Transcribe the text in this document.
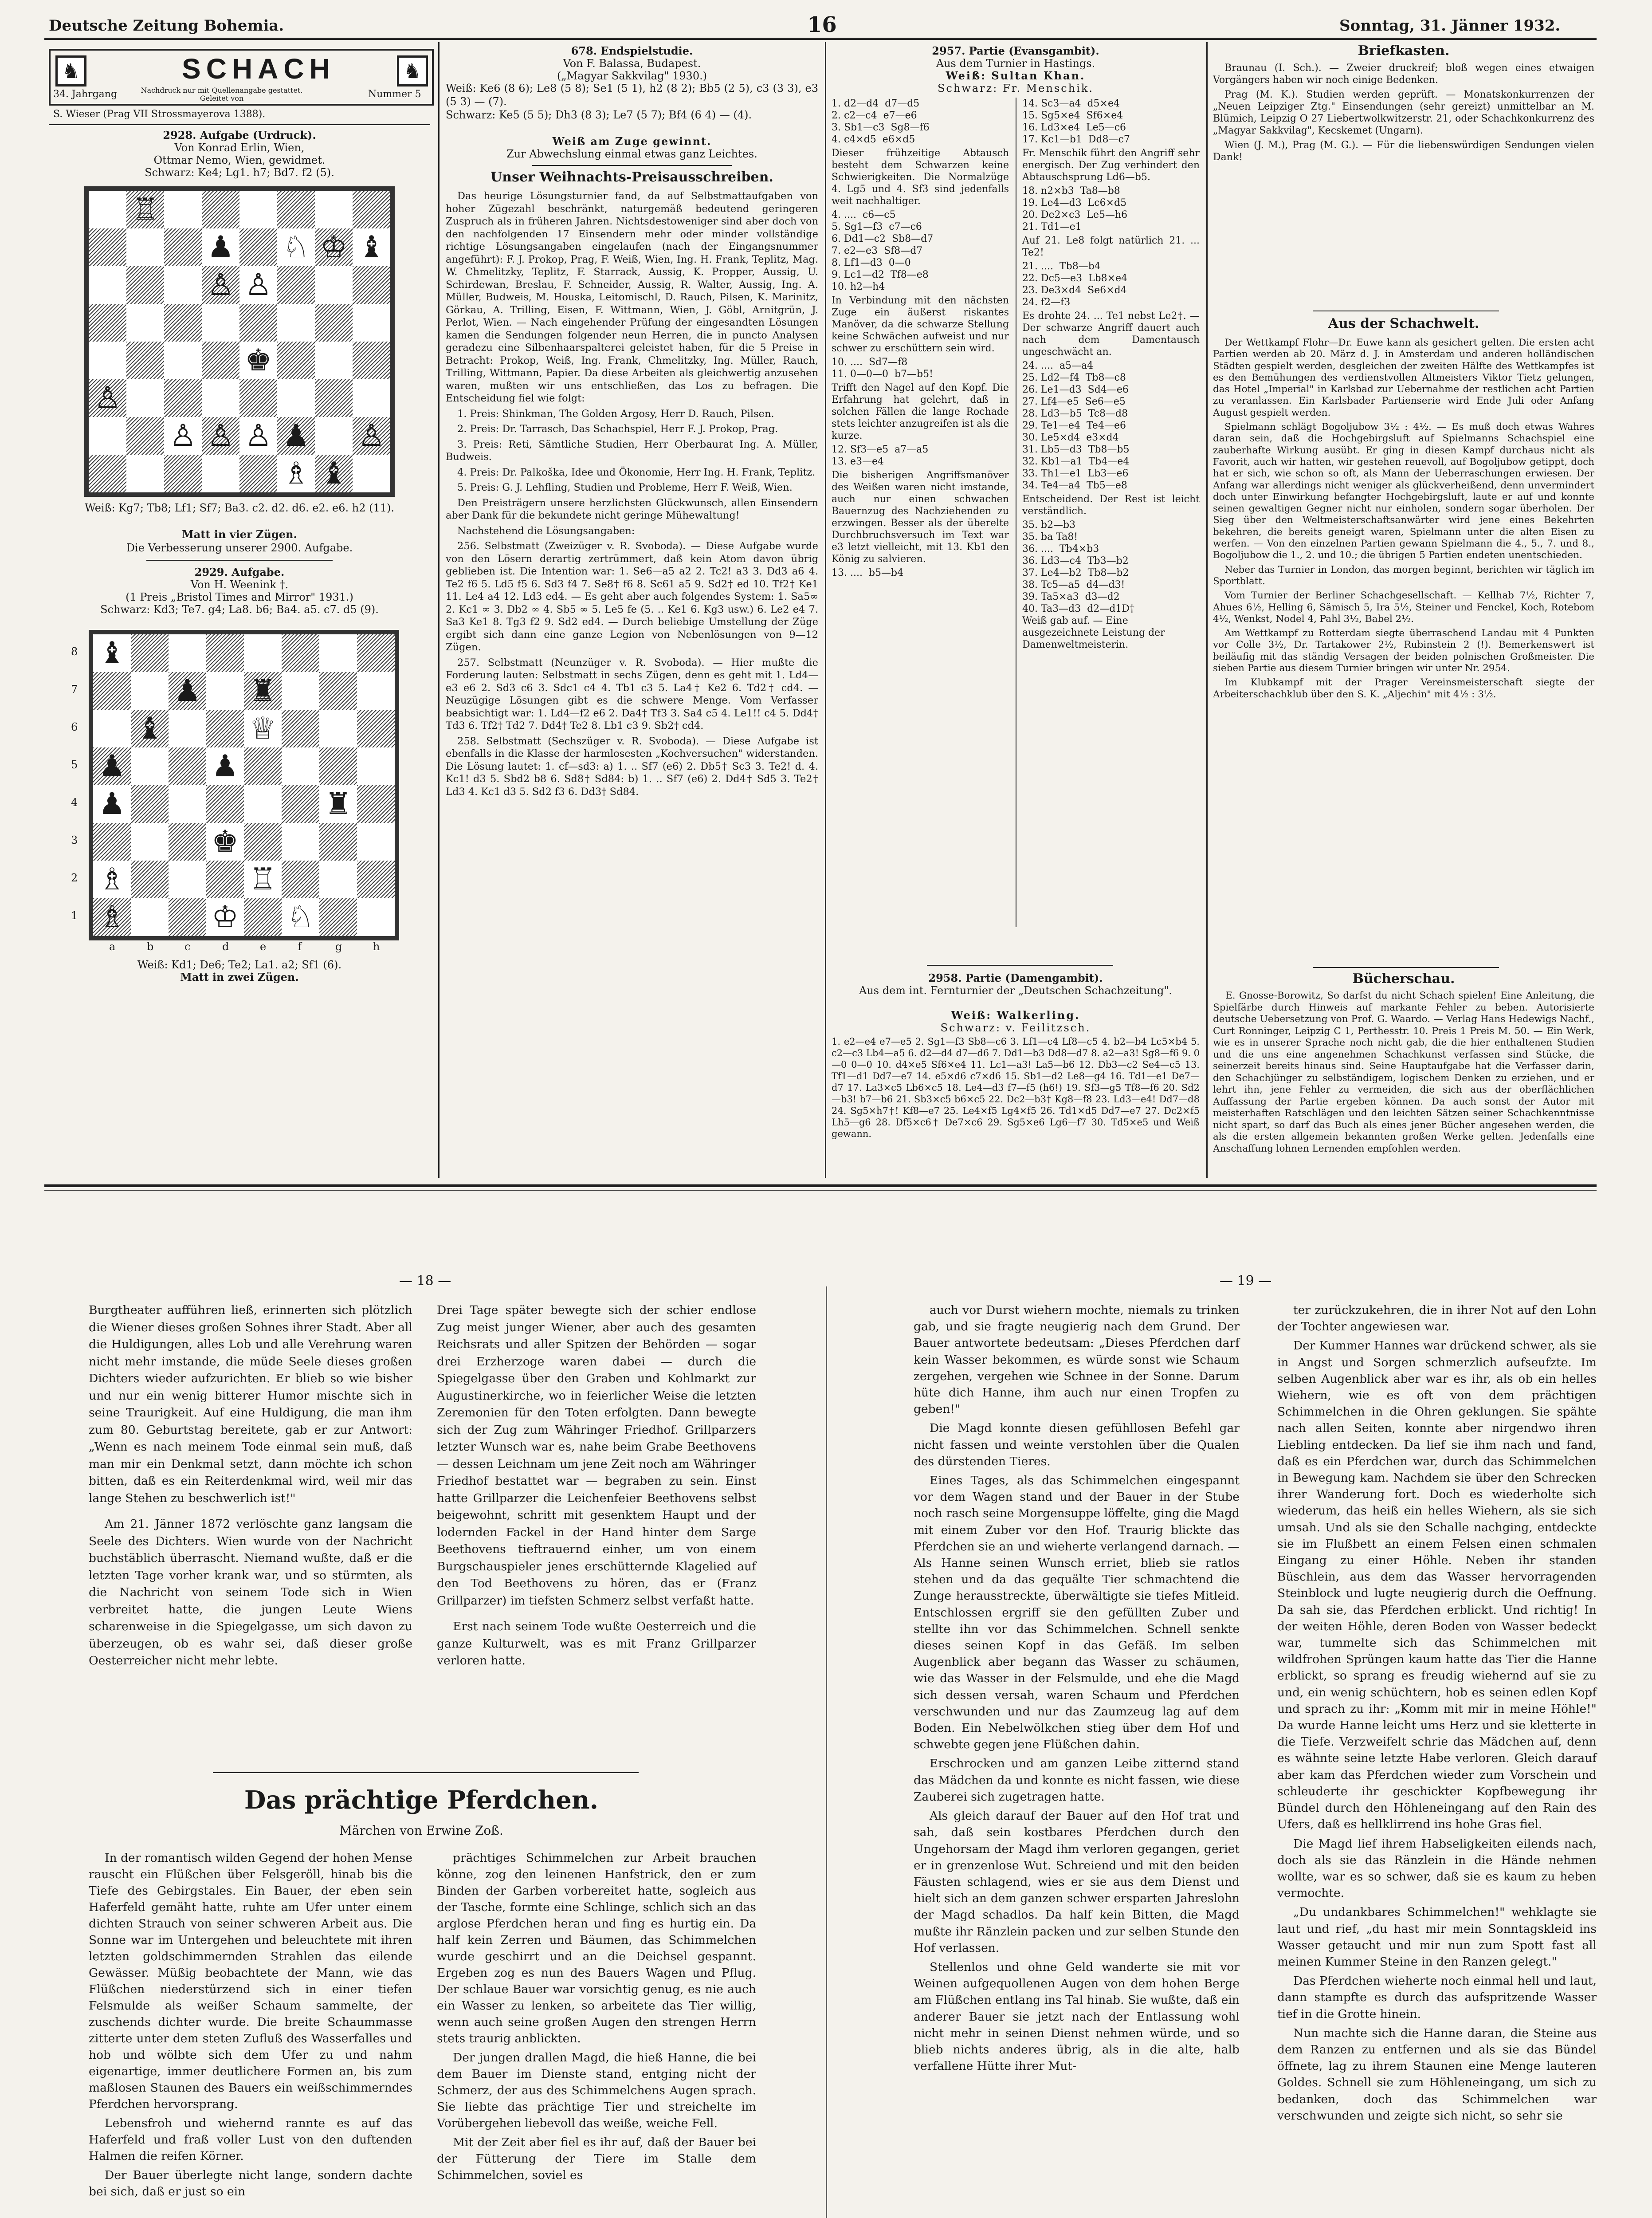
Deutsche Zeitung Bohemia.	16	Sonntag, 31. Jänner 1932.
♞	SCHACH	♞
34. Jahrgang	Nachdruck nur mit Quellenangabe gestattet. Geleitet von	Nummer 5
S. Wieser (Prag VII Strossmayerova 1388).
2928. Aufgabe (Urdruck).
Von Konrad Erlin, Wien,
Ottmar Nemo, Wien, gewidmet.
Schwarz: Ke4; Lg1. h7; Bd7. f2 (5).
♔
♖
♗
♘
♙
♙ ♙
♙
♙
♙
♙
♚
♝
♝
♟
♟
Weiß: Kg7; Tb8; Lf1; Sf7; Ba3. c2. d2. d6. e2. e6. h2 (11).
Matt in vier Zügen.
Die Verbesserung unserer 2900. Aufgabe.
2929. Aufgabe.
Von H. Weenink †.
(1 Preis „Bristol Times and Mirror" 1931.)
Schwarz: Kd3; Te7. g4; La8. b6; Ba4. a5. c7. d5 (9).
♔
♕
♖
♗
♗
♘
♚
♜
♜
♝
♝
♟
♟
♟
♟
8
7
6
5
4
3
2
1
a	b	c	d	e	f	g	h
Weiß: Kd1; De6; Te2; La1. a2; Sf1 (6).
Matt in zwei Zügen.
678. Endspielstudie.
Von F. Balassa, Budapest.
(„Magyar Sakkvilag" 1930.)
Weiß: Ke6 (8 6); Le8 (5 8); Se1 (5 1), h2 (8 2); Bb5 (2 5), c3 (3 3), e3 (5 3) — (7).
Schwarz: Ke5 (5 5); Dh3 (8 3); Le7 (5 7); Bf4 (6 4) — (4).
Weiß am Zuge gewinnt.
Zur Abwechslung einmal etwas ganz Leichtes.
Unser Weihnachts-Preisausschreiben.

Das heurige Lösungsturnier fand, da auf Selbstmattaufgaben von hoher Zügezahl beschränkt, naturgemäß bedeutend geringeren Zuspruch als in früheren Jahren. Nichtsdestoweniger sind aber doch von den nachfolgenden 17 Einsendern mehr oder minder vollständige richtige Lösungsangaben eingelaufen (nach der Eingangsnummer angeführt): F. J. Prokop, Prag, F. Weiß, Wien, Ing. H. Frank, Teplitz, Mag. W. Chmelitzky, Teplitz, F. Starrack, Aussig, K. Propper, Aussig, U. Schirdewan, Breslau, F. Schneider, Aussig, R. Walter, Aussig, Ing. A. Müller, Budweis, M. Houska, Leitomischl, D. Rauch, Pilsen, K. Marinitz, Görkau, A. Trilling, Eisen, F. Wittmann, Wien, J. Göbl, Arnitgrün, J. Perlot, Wien. — Nach eingehender Prüfung der eingesandten Lösungen kamen die Sendungen folgender neun Herren, die in puncto Analysen geradezu eine Silbenhaarspalterei geleistet haben, für die 5 Preise in Betracht: Prokop, Weiß, Ing. Frank, Chmelitzky, Ing. Müller, Rauch, Trilling, Wittmann, Papier. Da diese Arbeiten als gleichwertig anzusehen waren, mußten wir uns entschließen, das Los zu befragen. Die Entscheidung fiel wie folgt:

1. Preis: Shinkman, The Golden Argosy, Herr D. Rauch, Pilsen.

2. Preis: Dr. Tarrasch, Das Schachspiel, Herr F. J. Prokop, Prag.

3. Preis: Reti, Sämtliche Studien, Herr Oberbaurat Ing. A. Müller, Budweis.

4. Preis: Dr. Palkoška, Idee und Ökonomie, Herr Ing. H. Frank, Teplitz.

5. Preis: G. J. Lehfling, Studien und Probleme, Herr F. Weiß, Wien.

Den Preisträgern unsere herzlichsten Glückwunsch, allen Einsendern aber Dank für die bekundete nicht geringe Mühewaltung!

Nachstehend die Lösungsangaben:

256. Selbstmatt (Zweizüger v. R. Svoboda). — Diese Aufgabe wurde von den Lösern derartig zertrümmert, daß kein Atom davon übrig geblieben ist. Die Intention war: 1. Se6—a5 a2 2. Tc2! a3 3. Dd3 a6 4. Te2 f6 5. Ld5 f5 6. Sd3 f4 7. Se8† f6 8. Sc61 a5 9. Sd2† ed 10. Tf2† Ke1 11. Le4 a4 12. Ld3 ed4. — Es geht aber auch folgendes System: 1. Sa5∞ 2. Kc1 ∞ 3. Db2 ∞ 4. Sb5 ∞ 5. Le5 fe (5. .. Ke1 6. Kg3 usw.) 6. Le2 e4 7. Sa3 Ke1 8. Tg3 f2 9. Sd2 ed4. — Durch beliebige Umstellung der Züge ergibt sich dann eine ganze Legion von Nebenlösungen von 9—12 Zügen.

257. Selbstmatt (Neunzüger v. R. Svoboda). — Hier mußte die Forderung lauten: Selbstmatt in sechs Zügen, denn es geht mit 1. Ld4—e3 e6 2. Sd3 c6 3. Sdc1 c4 4. Tb1 c3 5. La4† Ke2 6. Td2† cd4. — Neuzügige Lösungen gibt es die schwere Menge. Vom Verfasser beabsichtigt war: 1. Ld4—f2 e6 2. Da4† Tf3 3. Sa4 c5 4. Le1!! c4 5. Dd4† Td3 6. Tf2† Td2 7. Dd4† Te2 8. Lb1 c3 9. Sb2† cd4.

258. Selbstmatt (Sechszüger v. R. Svoboda). — Diese Aufgabe ist ebenfalls in die Klasse der harmlosesten „Kochversuchen" widerstanden. Die Lösung lautet: 1. cf—sd3: a) 1. .. Sf7 (e6) 2. Db5† Sc3 3. Te2! d. 4. Kc1! d3 5. Sbd2 b8 6. Sd8† Sd84: b) 1. .. Sf7 (e6) 2. Dd4† Sd5 3. Te2† Ld3 4. Kc1 d3 5. Sd2 f3 6. Dd3† Sd84.

2957. Partie (Evansgambit).
Aus dem Turnier in Hastings.
Weiß: Sultan Khan.
Schwarz: Fr. Menschik.
1. d2—d4  d7—d5
2. c2—c4  e7—e6
3. Sb1—c3  Sg8—f6
4. c4×d5  e6×d5
Dieser frühzeitige Abtausch besteht dem Schwarzen keine Schwierigkeiten. Die Normalzüge 4. Lg5 und 4. Sf3 sind jedenfalls weit nachhaltiger.
4. ....  c6—c5
5. Sg1—f3  c7—c6
6. Dd1—c2  Sb8—d7
7. e2—e3  Sf8—d7
8. Lf1—d3  0—0
9. Lc1—d2  Tf8—e8
10. h2—h4
In Verbindung mit den nächsten Zuge ein äußerst riskantes Manöver, da die schwarze Stellung keine Schwächen aufweist und nur schwer zu erschüttern sein wird.
10. ....  Sd7—f8
11. 0—0—0  b7—b5!
Trifft den Nagel auf den Kopf. Die Erfahrung hat gelehrt, daß in solchen Fällen die lange Rochade stets leichter anzugreifen ist als die kurze.
12. Sf3—e5  a7—a5
13. e3—e4
Die bisherigen Angriffsmanöver des Weißen waren nicht imstande, auch nur einen schwachen Bauernzug des Nachziehenden zu erzwingen. Besser als der überelte Durchbruchsversuch im Text war e3 letzt vielleicht, mit 13. Kb1 den König zu salvieren.
13. ....  b5—b4
14. Sc3—a4  d5×e4
15. Sg5×e4  Sf6×e4
16. Ld3×e4  Le5—c6
17. Kc1—b1  Dd8—c7
Fr. Menschik führt den Angriff sehr energisch. Der Zug verhindert den Abtauschsprung Ld6—b5.
18. n2×b3  Ta8—b8
19. Le4—d3  Lc6×d5
20. De2×c3  Le5—h6
21. Td1—e1
Auf 21. Le8 folgt natürlich 21. ... Te2!
21. ....  Tb8—b4
22. Dc5—e3  Lb8×e4
23. De3×d4  Se6×d4
24. f2—f3
Es drohte 24. ... Te1 nebst Le2†. — Der schwarze Angriff dauert auch nach dem Damentausch ungeschwächt an.
24. ....  a5—a4
25. Ld2—f4  Tb8—c8
26. Le1—d3  Sd4—e6
27. Lf4—e5  Se6—e5
28. Ld3—b5  Tc8—d8
29. Te1—e4  Te4—e6
30. Le5×d4  e3×d4
31. Lb5—d3  Tb8—b5
32. Kb1—a1  Tb4—e4
33. Th1—e1  Lb3—e6
34. Te4—a4  Tb5—e8
Entscheidend. Der Rest ist leicht verständlich.
35. b2—b3
35. ba Ta8!
36. ....  Tb4×b3
36. Ld3—c4  Tb3—b2
37. Le4—b2  Tb8—b2
38. Tc5—a5  d4—d3!
39. Ta5×a3  d3—d2
40. Ta3—d3  d2—d1D†
Weiß gab auf. — Eine ausgezeichnete Leistung der Damenweltmeisterin.
2958. Partie (Damengambit).
Aus dem int. Fernturnier der „Deutschen Schachzeitung".
Weiß: Walkerling.
Schwarz: v. Feilitzsch.
1. e2—e4 e7—e5 2. Sg1—f3 Sb8—c6 3. Lf1—c4 Lf8—c5 4. b2—b4 Lc5×b4 5. c2—c3 Lb4—a5 6. d2—d4 d7—d6 7. Dd1—b3 Dd8—d7 8. a2—a3! Sg8—f6 9. 0—0 0—0 10. d4×e5 Sf6×e4 11. Lc1—a3! La5—b6 12. Db3—c2 Se4—c5 13. Tf1—d1 Dd7—e7 14. e5×d6 c7×d6 15. Sb1—d2 Le8—g4 16. Td1—e1 De7—d7 17. La3×c5 Lb6×c5 18. Le4—d3 f7—f5 (h6!) 19. Sf3—g5 Tf8—f6 20. Sd2—b3! b7—b6 21. Sb3×c5 b6×c5 22. Dc2—b3† Kg8—f8 23. Ld3—e4! Dd7—d8 24. Sg5×h7†! Kf8—e7 25. Le4×f5 Lg4×f5 26. Td1×d5 Dd7—e7 27. Dc2×f5 Lh5—g6 28. Df5×c6† De7×c6 29. Sg5×e6 Lg6—f7 30. Td5×e5 und Weiß gewann.
Briefkasten.

Braunau (I. Sch.). — Zweier druckreif; bloß wegen eines etwaigen Vorgängers haben wir noch einige Bedenken.

Prag (M. K.). Studien werden geprüft. — Monatskonkurrenzen der „Neuen Leipziger Ztg." Einsendungen (sehr gereizt) unmittelbar an M. Blümich, Leipzig O 27 Liebertwolkwitzerstr. 21, oder Schachkonkurrenz des „Magyar Sakkvilag", Kecskemet (Ungarn).

Wien (J. M.), Prag (M. G.). — Für die liebenswürdigen Sendungen vielen Dank!

Aus der Schachwelt.

Der Wettkampf Flohr—Dr. Euwe kann als gesichert gelten. Die ersten acht Partien werden ab 20. März d. J. in Amsterdam und anderen holländischen Städten gespielt werden, desgleichen der zweiten Hälfte des Wettkampfes ist es den Bemühungen des verdienstvollen Altmeisters Viktor Tietz gelungen, das Hotel „Imperial" in Karlsbad zur Uebernahme der restlichen acht Partien zu veranlassen. Ein Karlsbader Partienserie wird Ende Juli oder Anfang August gespielt werden.

Spielmann schlägt Bogoljubow 3½ : 4½. — Es muß doch etwas Wahres daran sein, daß die Hochgebirgsluft auf Spielmanns Schachspiel eine zauberhafte Wirkung ausübt. Er ging in diesen Kampf durchaus nicht als Favorit, auch wir hatten, wir gestehen reuevoll, auf Bogoljubow getippt, doch hat er sich, wie schon so oft, als Mann der Ueberraschungen erwiesen. Der Anfang war allerdings nicht weniger als glückverheißend, denn unvermindert doch unter Einwirkung befangter Hochgebirgsluft, laute er auf und konnte seinen gewaltigen Gegner nicht nur einholen, sondern sogar überholen. Der Sieg über den Weltmeisterschaftsanwärter wird jene eines Bekehrten bekehren, die bereits geneigt waren, Spielmann unter die alten Eisen zu werfen. — Von den einzelnen Partien gewann Spielmann die 4., 5., 7. und 8., Bogoljubow die 1., 2. und 10.; die übrigen 5 Partien endeten unentschieden.

Neber das Turnier in London, das morgen beginnt, berichten wir täglich im Sportblatt.

Vom Turnier der Berliner Schachgesellschaft. — Kellhab 7½, Richter 7, Ahues 6½, Helling 6, Sämisch 5, Ira 5½, Steiner und Fenckel, Koch, Rotebom 4½, Wenkst, Nodel 4, Pahl 3½, Babel 2½.

Am Wettkampf zu Rotterdam siegte überraschend Landau mit 4 Punkten vor Colle 3½, Dr. Tartakower 2½, Rubinstein 2 (!). Bemerkenswert ist beiläufig mit das ständig Versagen der beiden polnischen Großmeister. Die sieben Partie aus diesem Turnier bringen wir unter Nr. 2954.

Im Klubkampf mit der Prager Vereinsmeisterschaft siegte der Arbeiterschachklub über den S. K. „Aljechin" mit 4½ : 3½.

Bücherschau.
E. Gnosse-Borowitz, So darfst du nicht Schach spielen! Eine Anleitung, die Spielfärbe durch Hinweis auf markante Fehler zu beben. Autorisierte deutsche Uebersetzung von Prof. G. Waardo. — Verlag Hans Hedewigs Nachf., Curt Ronninger, Leipzig C 1, Perthesstr. 10. Preis 1 Preis M. 50. — Ein Werk, wie es in unserer Sprache noch nicht gab, die die hier enthaltenen Studien und die uns eine angenehmen Schachkunst verfassen sind Stücke, die seinerzeit bereits hinaus sind. Seine Hauptaufgabe hat die Verfasser darin, den Schachjünger zu selbständigem, logischem Denken zu erziehen, und er lehrt ihn, jene Fehler zu vermeiden, die sich aus der oberflächlichen Auffassung der Partie ergeben können. Da auch sonst der Autor mit meisterhaften Ratschlägen und den leichten Sätzen seiner Schachkenntnisse nicht spart, so darf das Buch als eines jener Bücher angesehen werden, die als die ersten allgemein bekannten großen Werke gelten. Jedenfalls eine Anschaffung lohnen Lernenden empfohlen werden.
— 18 —	— 19 —
Burgtheater aufführen ließ, erinnerten sich plötzlich die Wiener dieses großen Sohnes ihrer Stadt. Aber all die Huldigungen, alles Lob und alle Verehrung waren nicht mehr imstande, die müde Seele dieses großen Dichters wieder aufzurichten. Er blieb so wie bisher und nur ein wenig bitterer Humor mischte sich in seine Traurigkeit. Auf eine Huldigung, die man ihm zum 80. Geburtstag bereitete, gab er zur Antwort: „Wenn es nach meinem Tode einmal sein muß, daß man mir ein Denkmal setzt, dann möchte ich schon bitten, daß es ein Reiterdenkmal wird, weil mir das lange Stehen zu beschwerlich ist!"
Am 21. Jänner 1872 verlöschte ganz langsam die Seele des Dichters. Wien wurde von der Nachricht buchstäblich überrascht. Niemand wußte, daß er die letzten Tage vorher krank war, und so stürmten, als die Nachricht von seinem Tode sich in Wien verbreitet hatte, die jungen Leute Wiens scharenweise in die Spiegelgasse, um sich davon zu überzeugen, ob es wahr sei, daß dieser große Oesterreicher nicht mehr lebte.
Drei Tage später bewegte sich der schier endlose Zug meist junger Wiener, aber auch des gesamten Reichsrats und aller Spitzen der Behörden — sogar drei Erzherzoge waren dabei — durch die Spiegelgasse über den Graben und Kohlmarkt zur Augustinerkirche, wo in feierlicher Weise die letzten Zeremonien für den Toten erfolgten. Dann bewegte sich der Zug zum Währinger Friedhof. Grillparzers letzter Wunsch war es, nahe beim Grabe Beethovens — dessen Leichnam um jene Zeit noch am Währinger Friedhof bestattet war — begraben zu sein. Einst hatte Grillparzer die Leichenfeier Beethovens selbst beigewohnt, schritt mit gesenktem Haupt und der lodernden Fackel in der Hand hinter dem Sarge Beethovens tieftrauernd einher, um von einem Burgschauspieler jenes erschütternde Klagelied auf den Tod Beethovens zu hören, das er (Franz Grillparzer) im tiefsten Schmerz selbst verfaßt hatte.
Erst nach seinem Tode wußte Oesterreich und die ganze Kulturwelt, was es mit Franz Grillparzer verloren hatte.
Das prächtige Pferdchen.
Märchen von Erwine Zoß.

In der romantisch wilden Gegend der hohen Mense rauscht ein Flüßchen über Felsgeröll, hinab bis die Tiefe des Gebirgstales. Ein Bauer, der eben sein Haferfeld gemäht hatte, ruhte am Ufer unter einem dichten Strauch von seiner schweren Arbeit aus. Die Sonne war im Untergehen und beleuchtete mit ihren letzten goldschimmernden Strahlen das eilende Gewässer. Müßig beobachtete der Mann, wie das Flüßchen niederstürzend sich in einer tiefen Felsmulde als weißer Schaum sammelte, der zuschends dichter wurde. Die breite Schaummasse zitterte unter dem steten Zufluß des Wasserfalles und hob und wölbte sich dem Ufer zu und nahm eigenartige, immer deutlichere Formen an, bis zum maßlosen Staunen des Bauers ein weißschimmerndes Pferdchen hervorsprang.

Lebensfroh und wiehernd rannte es auf das Haferfeld und fraß voller Lust von den duftenden Halmen die reifen Körner.

Der Bauer überlegte nicht lange, sondern dachte bei sich, daß er just so ein

prächtiges Schimmelchen zur Arbeit brauchen könne, zog den leinenen Hanfstrick, den er zum Binden der Garben vorbereitet hatte, sogleich aus der Tasche, formte eine Schlinge, schlich sich an das arglose Pferdchen heran und fing es hurtig ein. Da half kein Zerren und Bäumen, das Schimmelchen wurde geschirrt und an die Deichsel gespannt. Ergeben zog es nun des Bauers Wagen und Pflug. Der schlaue Bauer war vorsichtig genug, es nie auch ein Wasser zu lenken, so arbeitete das Tier willig, wenn auch seine großen Augen den strengen Herrn stets traurig anblickten.

Der jungen drallen Magd, die hieß Hanne, die bei dem Bauer im Dienste stand, entging nicht der Schmerz, der aus des Schimmelchens Augen sprach. Sie liebte das prächtige Tier und streichelte im Vorübergehen liebevoll das weiße, weiche Fell.

Mit der Zeit aber fiel es ihr auf, daß der Bauer bei der Fütterung der Tiere im Stalle dem Schimmelchen, soviel es

auch vor Durst wiehern mochte, niemals zu trinken gab, und sie fragte neugierig nach dem Grund. Der Bauer antwortete bedeutsam: „Dieses Pferdchen darf kein Wasser bekommen, es würde sonst wie Schaum zergehen, vergehen wie Schnee in der Sonne. Darum hüte dich Hanne, ihm auch nur einen Tropfen zu geben!"

Die Magd konnte diesen gefühllosen Befehl gar nicht fassen und weinte verstohlen über die Qualen des dürstenden Tieres.

Eines Tages, als das Schimmelchen eingespannt vor dem Wagen stand und der Bauer in der Stube noch rasch seine Morgensuppe löffelte, ging die Magd mit einem Zuber vor den Hof. Traurig blickte das Pferdchen sie an und wieherte verlangend darnach. — Als Hanne seinen Wunsch erriet, blieb sie ratlos stehen und da das gequälte Tier schmachtend die Zunge herausstreckte, überwältigte sie tiefes Mitleid. Entschlossen ergriff sie den gefüllten Zuber und stellte ihn vor das Schimmelchen. Schnell senkte dieses seinen Kopf in das Gefäß. Im selben Augenblick aber begann das Wasser zu schäumen, wie das Wasser in der Felsmulde, und ehe die Magd sich dessen versah, waren Schaum und Pferdchen verschwunden und nur das Zaumzeug lag auf dem Boden. Ein Nebelwölkchen stieg über dem Hof und schwebte gegen jene Flüßchen dahin.

Erschrocken und am ganzen Leibe zitternd stand das Mädchen da und konnte es nicht fassen, wie diese Zauberei sich zugetragen hatte.

Als gleich darauf der Bauer auf den Hof trat und sah, daß sein kostbares Pferdchen durch den Ungehorsam der Magd ihm verloren gegangen, geriet er in grenzenlose Wut. Schreiend und mit den beiden Fäusten schlagend, wies er sie aus dem Dienst und hielt sich an dem ganzen schwer ersparten Jahreslohn der Magd schadlos. Da half kein Bitten, die Magd mußte ihr Ränzlein packen und zur selben Stunde den Hof verlassen.

Stellenlos und ohne Geld wanderte sie mit vor Weinen aufgequollenen Augen von dem hohen Berge am Flüßchen entlang ins Tal hinab. Sie wußte, daß ein anderer Bauer sie jetzt nach der Entlassung wohl nicht mehr in seinen Dienst nehmen würde, und so blieb nichts anderes übrig, als in die alte, halb verfallene Hütte ihrer Mut-

ter zurückzukehren, die in ihrer Not auf den Lohn der Tochter angewiesen war.

Der Kummer Hannes war drückend schwer, als sie in Angst und Sorgen schmerzlich aufseufzte. Im selben Augenblick aber war es ihr, als ob ein helles Wiehern, wie es oft von dem prächtigen Schimmelchen in die Ohren geklungen. Sie spähte nach allen Seiten, konnte aber nirgendwo ihren Liebling entdecken. Da lief sie ihm nach und fand, daß es ein Pferdchen war, durch das Schimmelchen in Bewegung kam. Nachdem sie über den Schrecken ihrer Wanderung fort. Doch es wiederholte sich wiederum, das heiß ein helles Wiehern, als sie sich umsah. Und als sie den Schalle nachging, entdeckte sie im Flußbett an einem Felsen einen schmalen Eingang zu einer Höhle. Neben ihr standen Büschlein, aus dem das Wasser hervorragenden Steinblock und lugte neugierig durch die Oeffnung. Da sah sie, das Pferdchen erblickt. Und richtig! In der weiten Höhle, deren Boden von Wasser bedeckt war, tummelte sich das Schimmelchen mit wildfrohen Sprüngen kaum hatte das Tier die Hanne erblickt, so sprang es freudig wiehernd auf sie zu und, ein wenig schüchtern, hob es seinen edlen Kopf und sprach zu ihr: „Komm mit mir in meine Höhle!" Da wurde Hanne leicht ums Herz und sie kletterte in die Tiefe. Verzweifelt schrie das Mädchen auf, denn es wähnte seine letzte Habe verloren. Gleich darauf aber kam das Pferdchen wieder zum Vorschein und schleuderte ihr geschickter Kopfbewegung ihr Bündel durch den Höhleneingang auf den Rain des Ufers, daß es hellklirrend ins hohe Gras fiel.

Die Magd lief ihrem Habseligkeiten eilends nach, doch als sie das Ränzlein in die Hände nehmen wollte, war es so schwer, daß sie es kaum zu heben vermochte.

„Du undankbares Schimmelchen!" wehklagte sie laut und rief, „du hast mir mein Sonntagskleid ins Wasser getaucht und mir nun zum Spott fast all meinen Kummer Steine in den Ranzen gelegt."

Das Pferdchen wieherte noch einmal hell und laut, dann stampfte es durch das aufspritzende Wasser tief in die Grotte hinein.

Nun machte sich die Hanne daran, die Steine aus dem Ranzen zu entfernen und als sie das Bündel öffnete, lag zu ihrem Staunen eine Menge lauteren Goldes. Schnell sie zum Höhleneingang, um sich zu bedanken, doch das Schimmelchen war verschwunden und zeigte sich nicht, so sehr sie
